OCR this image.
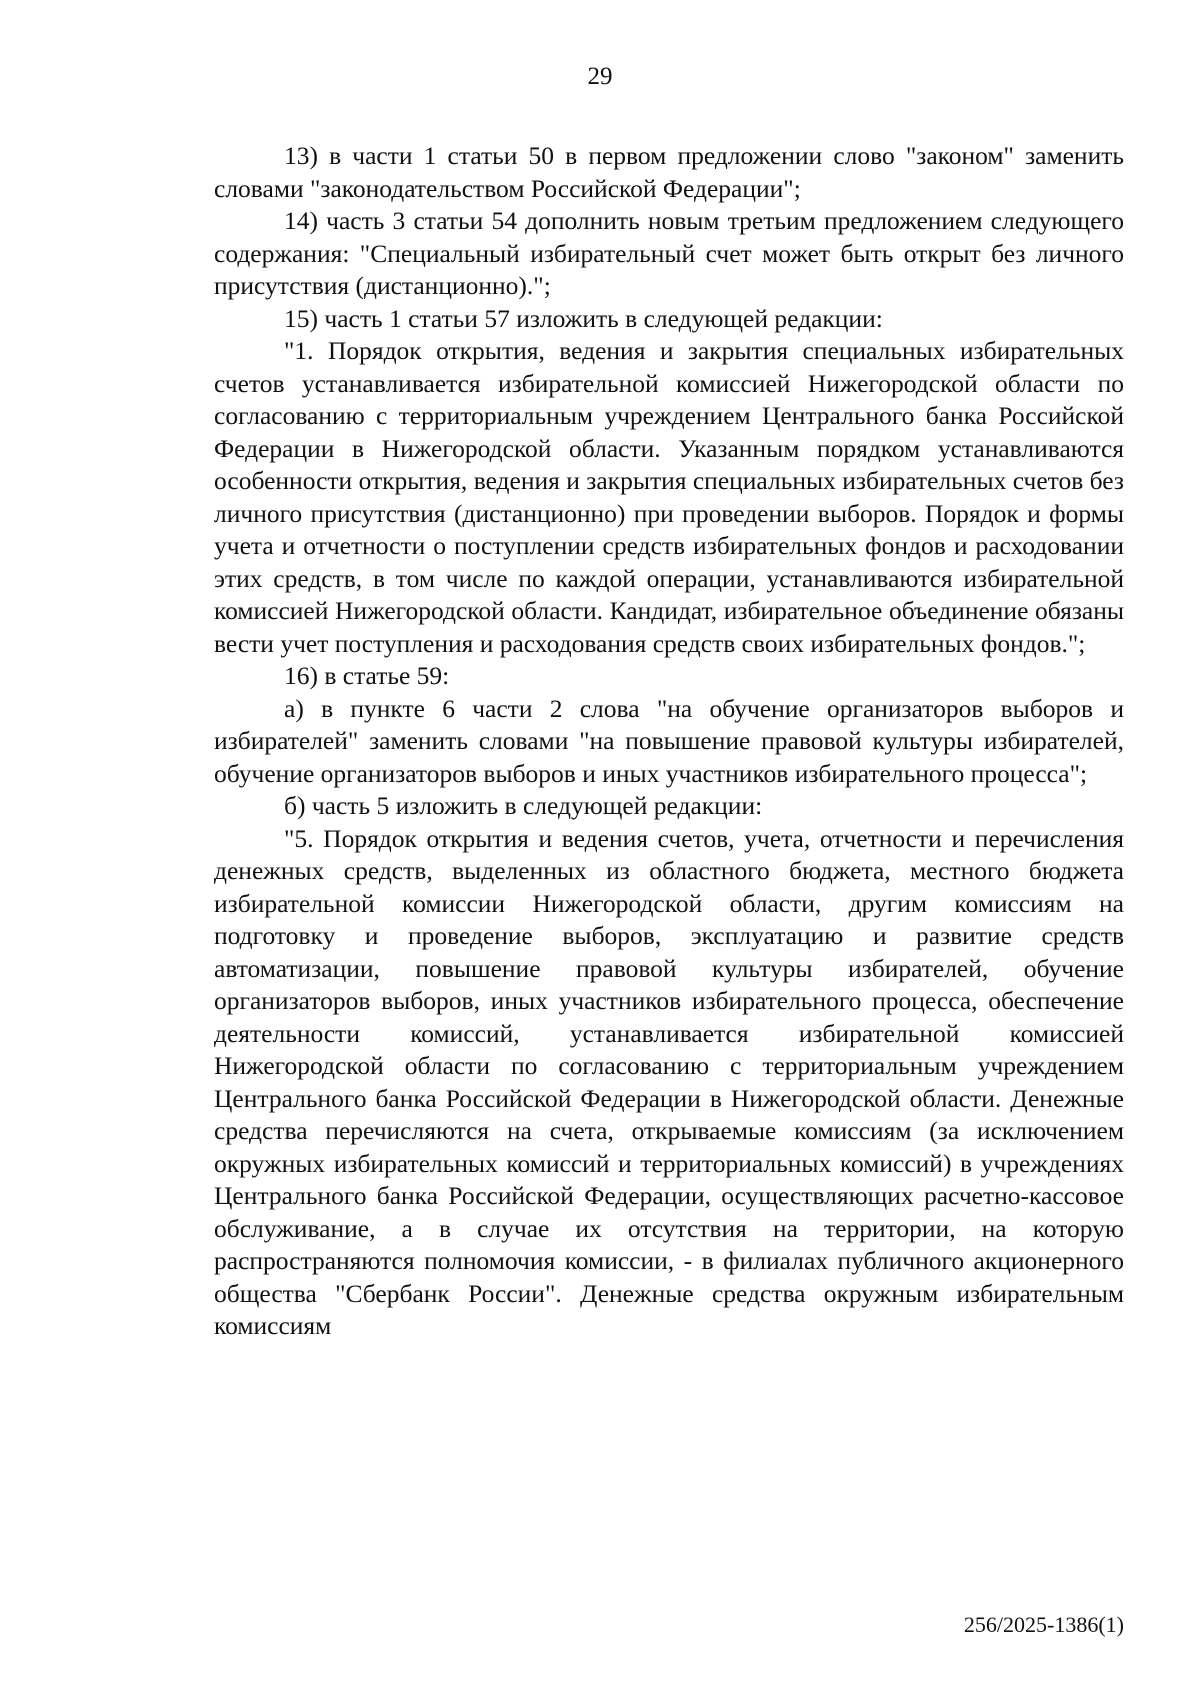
29

13) в части 1 статьи 50 в первом предложении слово "законом" заменить словами "законодательством Российской Федерации";

14) часть 3 статьи 54 дополнить новым третьим предложением следующего содержания: "Специальный избирательный счет может быть открыт без личного присутствия (дистанционно).";

15) часть 1 статьи 57 изложить в следующей редакции:

"1. Порядок открытия, ведения и закрытия специальных избирательных счетов устанавливается избирательной комиссией Нижегородской области по согласованию с территориальным учреждением Центрального банка Российской Федерации в Нижегородской области. Указанным порядком устанавливаются особенности открытия, ведения и закрытия специальных избирательных счетов без личного присутствия (дистанционно) при проведении выборов. Порядок и формы учета и отчетности о поступлении средств избирательных фондов и расходовании этих средств, в том числе по каждой операции, устанавливаются избирательной комиссией Нижегородской области. Кандидат, избирательное объединение обязаны вести учет поступления и расходования средств своих избирательных фондов.";

16) в статье 59:

а) в пункте 6 части 2 слова "на обучение организаторов выборов и избирателей" заменить словами "на повышение правовой культуры избирателей, обучение организаторов выборов и иных участников избирательного процесса";

б) часть 5 изложить в следующей редакции:

"5. Порядок открытия и ведения счетов, учета, отчетности и перечисления денежных средств, выделенных из областного бюджета, местного бюджета избирательной комиссии Нижегородской области, другим комиссиям на подготовку и проведение выборов, эксплуатацию и развитие средств автоматизации, повышение правовой культуры избирателей, обучение организаторов выборов, иных участников избирательного процесса, обеспечение деятельности комиссий, устанавливается избирательной комиссией Нижегородской области по согласованию с территориальным учреждением Центрального банка Российской Федерации в Нижегородской области. Денежные средства перечисляются на счета, открываемые комиссиям (за исключением окружных избирательных комиссий и территориальных комиссий) в учреждениях Центрального банка Российской Федерации, осуществляющих расчетно-кассовое обслуживание, а в случае их отсутствия на территории, на которую распространяются полномочия комиссии, - в филиалах публичного акционерного общества "Сбербанк России". Денежные средства окружным избирательным комиссиям

256/2025-1386(1)
